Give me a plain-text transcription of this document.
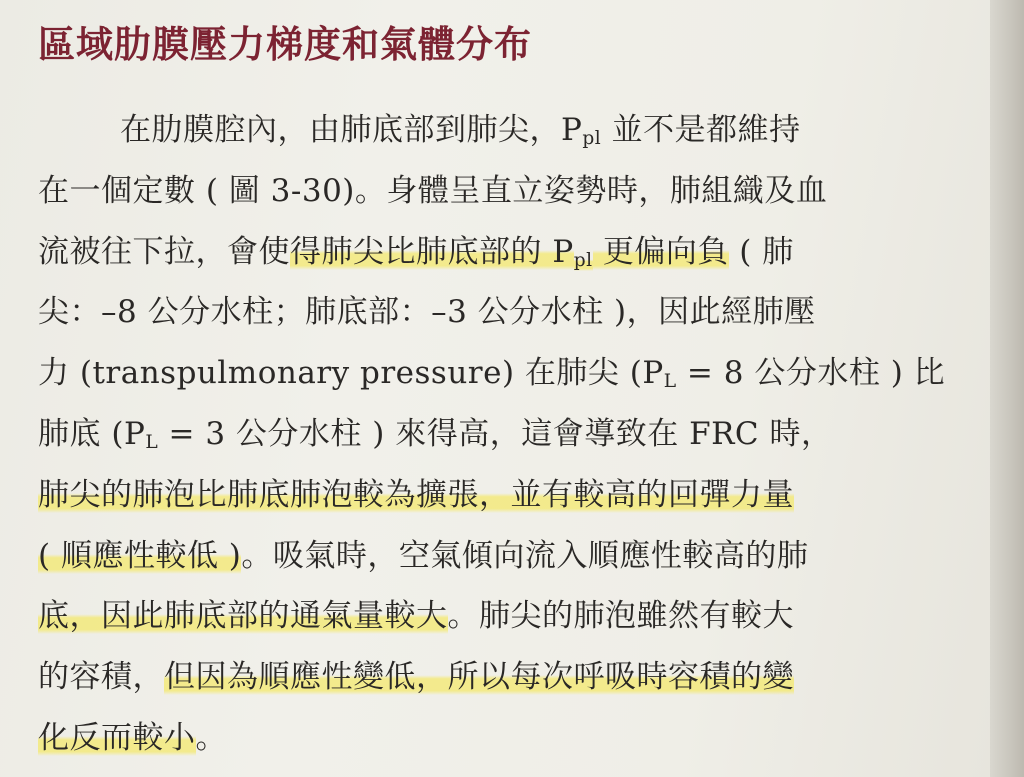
區域肋膜壓力梯度和氣體分布
在肋膜腔內，由肺底部到肺尖，$P_{pl}$ 並不是都維持
在一個定數 ( 圖 3-30)。身體呈直立姿勢時，肺組織及血
流被往下拉，會使得肺尖比肺底部的 $P_{pl}$ 更偏向負 ( 肺
尖：–8 公分水柱；肺底部：–3 公分水柱 )，因此經肺壓
力 (transpulmonary pressure) 在肺尖 ($P_L = 8$ 公分水柱 ) 比
肺底 ($P_L = 3$ 公分水柱 ) 來得高，這會導致在 FRC 時，
肺尖的肺泡比肺底肺泡較為擴張，並有較高的回彈力量
( 順應性較低 )。吸氣時，空氣傾向流入順應性較高的肺
底，因此肺底部的通氣量較大。肺尖的肺泡雖然有較大
的容積，但因為順應性變低，所以每次呼吸時容積的變
化反而較小。
